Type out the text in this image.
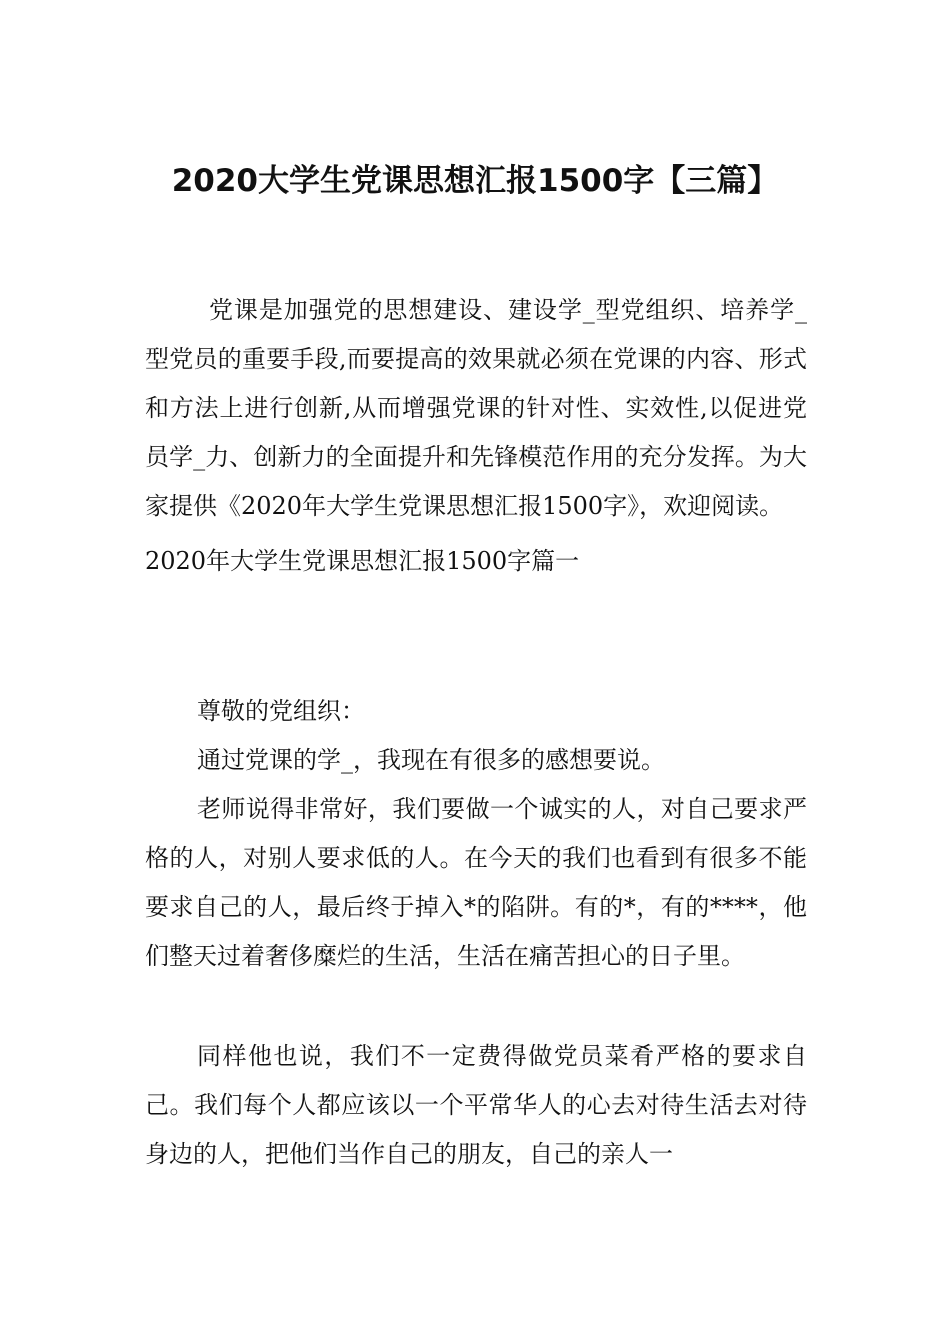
2020大学生党课思想汇报1500字【三篇】

党课是加强党的思想建设、建设学_型党组织、培养学_型党员的重要手段,而要提高的效果就必须在党课的内容、形式和方法上进行创新,从而增强党课的针对性、实效性,以促进党员学_力、创新力的全面提升和先锋模范作用的充分发挥。为大家提供《2020年大学生党课思想汇报1500字》，欢迎阅读。

2020年大学生党课思想汇报1500字篇一

尊敬的党组织：

通过党课的学_，我现在有很多的感想要说。

老师说得非常好，我们要做一个诚实的人，对自己要求严格的人，对别人要求低的人。在今天的我们也看到有很多不能要求自己的人，最后终于掉入*的陷阱。有的*，有的****，他们整天过着奢侈糜烂的生活，生活在痛苦担心的日子里。

同样他也说，我们不一定费得做党员菜肴严格的要求自己。我们每个人都应该以一个平常华人的心去对待生活去对待身边的人，把他们当作自己的朋友，自己的亲人一
